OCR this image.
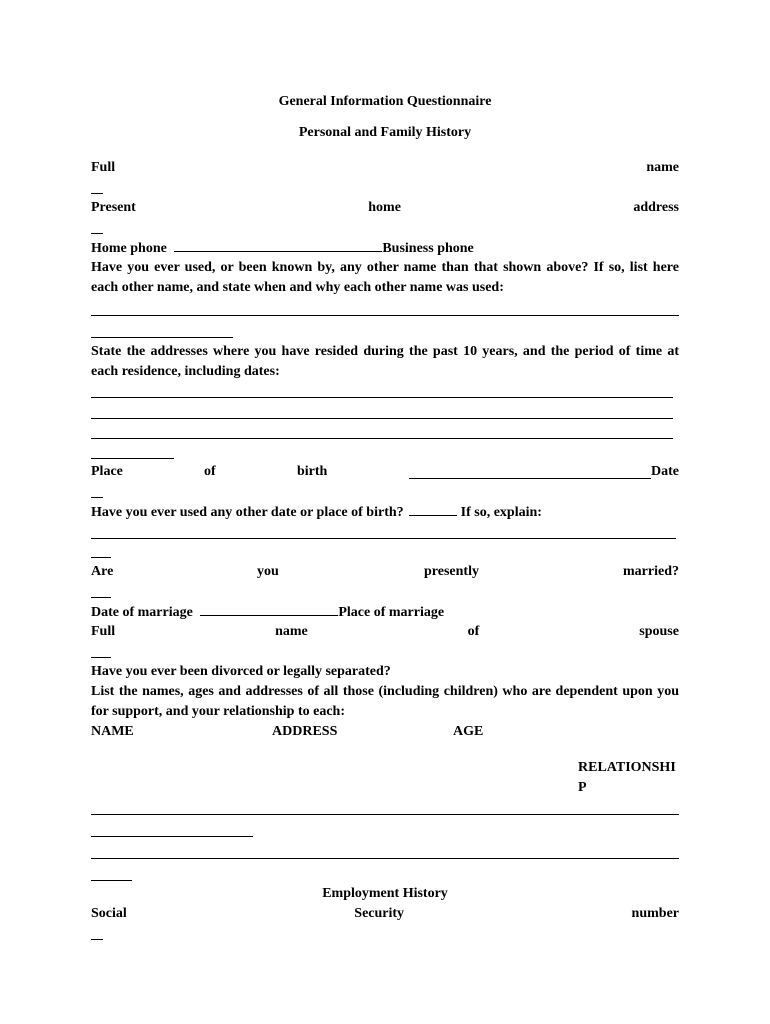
General Information Questionnaire
Personal and Family History
Full	name
Present	home	address
Home phone	Business phone
Have you ever used, or been known by, any other name than that shown above? If so, list here each other name, and state when and why each other name was used:
State the addresses where you have resided during the past 10 years, and the period of time at each residence, including dates:
Place	of	birth	Date
Have you ever used any other date or place of birth?	If so, explain:
Are	you	presently	married?
Date of marriage	Place of marriage
Full	name	of	spouse
Have you ever been divorced or legally separated?
List the names, ages and addresses of all those (including children) who are dependent upon you for support, and your relationship to each:
NAME	ADDRESS	AGE
RELATIONSHI
P
Employment History
Social	Security	number
